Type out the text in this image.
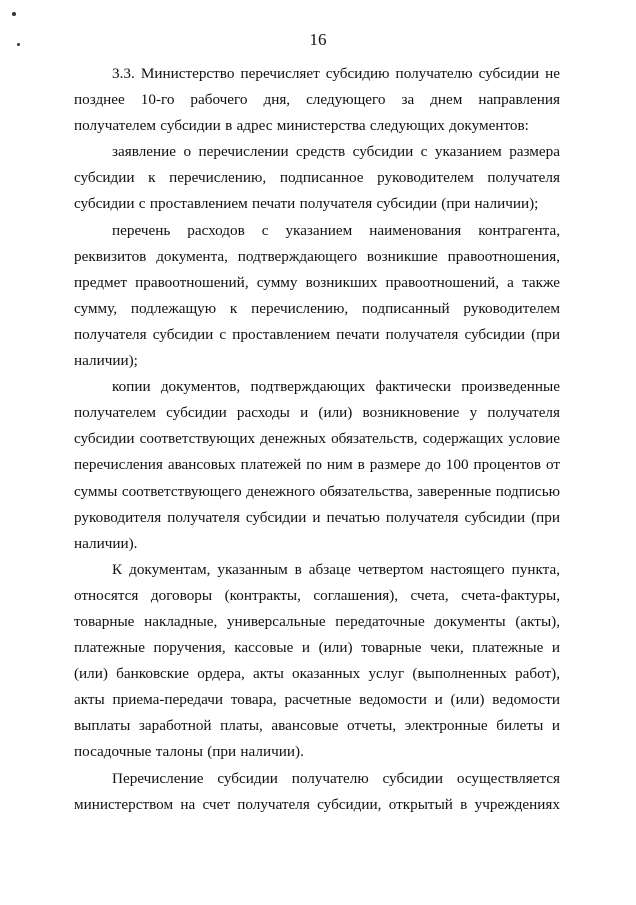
16

3.3. Министерство перечисляет субсидию получателю субсидии не позднее 10-го рабочего дня, следующего за днем направления получателем субсидии в адрес министерства следующих документов:

заявление о перечислении средств субсидии с указанием размера субсидии к перечислению, подписанное руководителем получателя субсидии с проставлением печати получателя субсидии (при наличии);

перечень расходов с указанием наименования контрагента, реквизитов документа, подтверждающего возникшие правоотношения, предмет правоотношений, сумму возникших правоотношений, а также сумму, подлежащую к перечислению, подписанный руководителем получателя субсидии с проставлением печати получателя субсидии (при наличии);

копии документов, подтверждающих фактически произведенные получателем субсидии расходы и (или) возникновение у получателя субсидии соответствующих денежных обязательств, содержащих условие перечисления авансовых платежей по ним в размере до 100 процентов от суммы соответствующего денежного обязательства, заверенные подписью руководителя получателя субсидии и печатью получателя субсидии (при наличии).

К документам, указанным в абзаце четвертом настоящего пункта, относятся договоры (контракты, соглашения), счета, счета-фактуры, товарные накладные, универсальные передаточные документы (акты), платежные поручения, кассовые и (или) товарные чеки, платежные и (или) банковские ордера, акты оказанных услуг (выполненных работ), акты приема-передачи товара, расчетные ведомости и (или) ведомости выплаты заработной платы, авансовые отчеты, электронные билеты и посадочные талоны (при наличии).

Перечисление субсидии получателю субсидии осуществляется министерством на счет получателя субсидии, открытый в учреждениях
